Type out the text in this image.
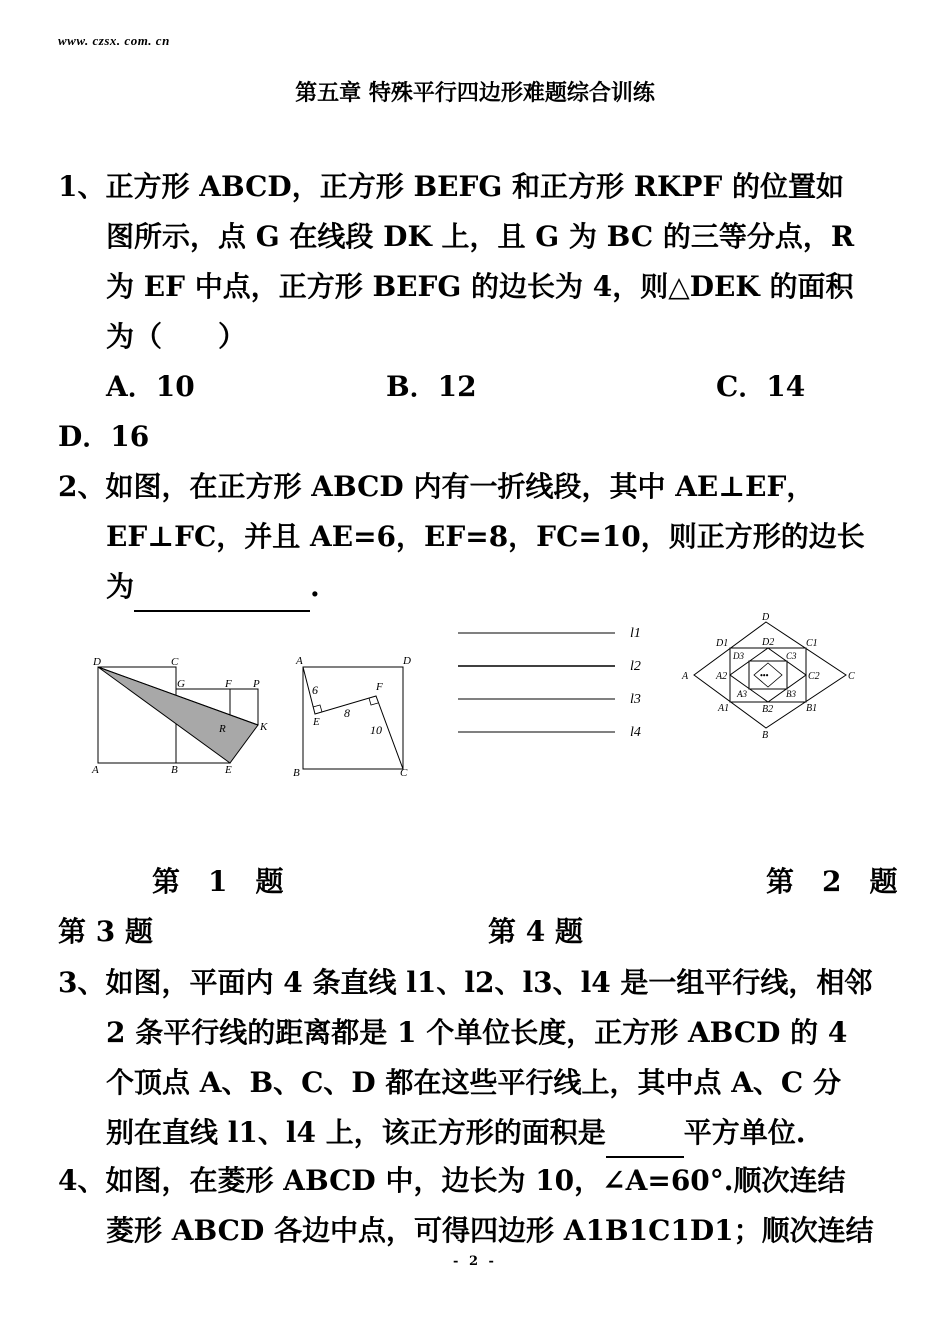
www. czsx. com. cn
第五章 特殊平行四边形难题综合训练
1、正方形 ABCD，正方形 BEFG 和正方形 RKPF 的位置如
图所示，点 G 在线段 DK 上，且 G 为 BC 的三等分点，R
为 EF 中点，正方形 BEFG 的边长为 4，则△DEK 的面积
为（　　）
A．10	B．12	C．14
D．16
2、如图，在正方形 ABCD 内有一折线段，其中 AE⊥EF，
EF⊥FC，并且 AE=6，EF=8，FC=10，则正方形的边长
为	.
D	C
G	F P
R	K
A	B	E
A	D
B	C
E
F
6
8
10
l1
l2
l3
l4
D
D1	D2	C1
D3	C3
A	A2	•••	C2	C
A3	B3
A1	B2	B1
B
第　1　题	第　2　题
第 3 题	第 4 题
3、如图，平面内 4 条直线 l1、l2、l3、l4 是一组平行线，相邻
2 条平行线的距离都是 1 个单位长度，正方形 ABCD 的 4
个顶点 A、B、C、D 都在这些平行线上，其中点 A、C 分
别在直线 l1、l4 上，该正方形的面积是	平方单位.
4、如图，在菱形 ABCD 中，边长为 10，∠A=60°.顺次连结
菱形 ABCD 各边中点，可得四边形 A1B1C1D1；顺次连结
- 2 -
